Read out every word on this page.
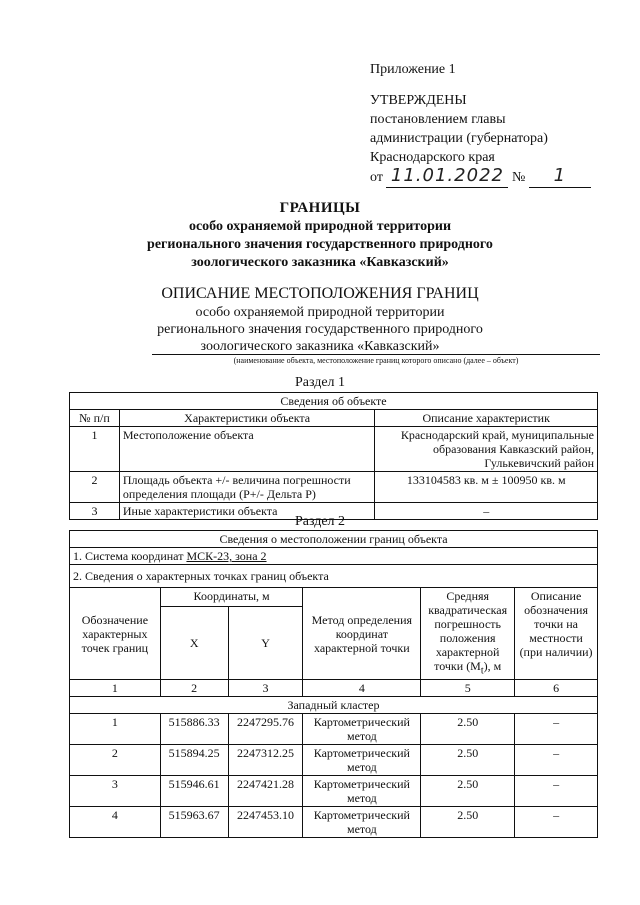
Приложение 1
УТВЕРЖДЕНЫ
постановлением главы
администрации (губернатора)
Краснодарского края
от 11.01.2022 № 1
ГРАНИЦЫ
особо охраняемой природной территории
регионального значения государственного природного
зоологического заказника «Кавказский»
ОПИСАНИЕ МЕСТОПОЛОЖЕНИЯ ГРАНИЦ
особо охраняемой природной территории
регионального значения государственного природного
зоологического заказника «Кавказский»
(наименование объекта, местоположение границ которого описано (далее – объект)
Раздел 1
Сведения об объекте		
№ п/п	Характеристики объекта	Описание характеристик
1	Местоположение объекта	Краснодарский край, муниципальные образования Кавказский район, Гулькевичский район
2	Площадь объекта +/- величина погрешности определения площади (P+/- Дельта P)	133104583 кв. м ± 100950 кв. м
3	Иные характеристики объекта	–
Раздел 2
Сведения о местоположении границ объекта					
1. Система координат МСК-23, зона 2					
2. Сведения о характерных точках границ объекта					
Обозначение характерных точек границ	Координаты, м		Метод определения координат характерной точки	Средняя квадратическая погрешность положения характерной точки $(M_t)$, м	Описание обозначения точки на местности (при наличии)
	X	Y			
1	2	3	4	5	6
Западный кластер					
1	515886.33	2247295.76	Картометрический метод	2.50	–
2	515894.25	2247312.25	Картометрический метод	2.50	–
3	515946.61	2247421.28	Картометрический метод	2.50	–
4	515963.67	2247453.10	Картометрический метод	2.50	–
